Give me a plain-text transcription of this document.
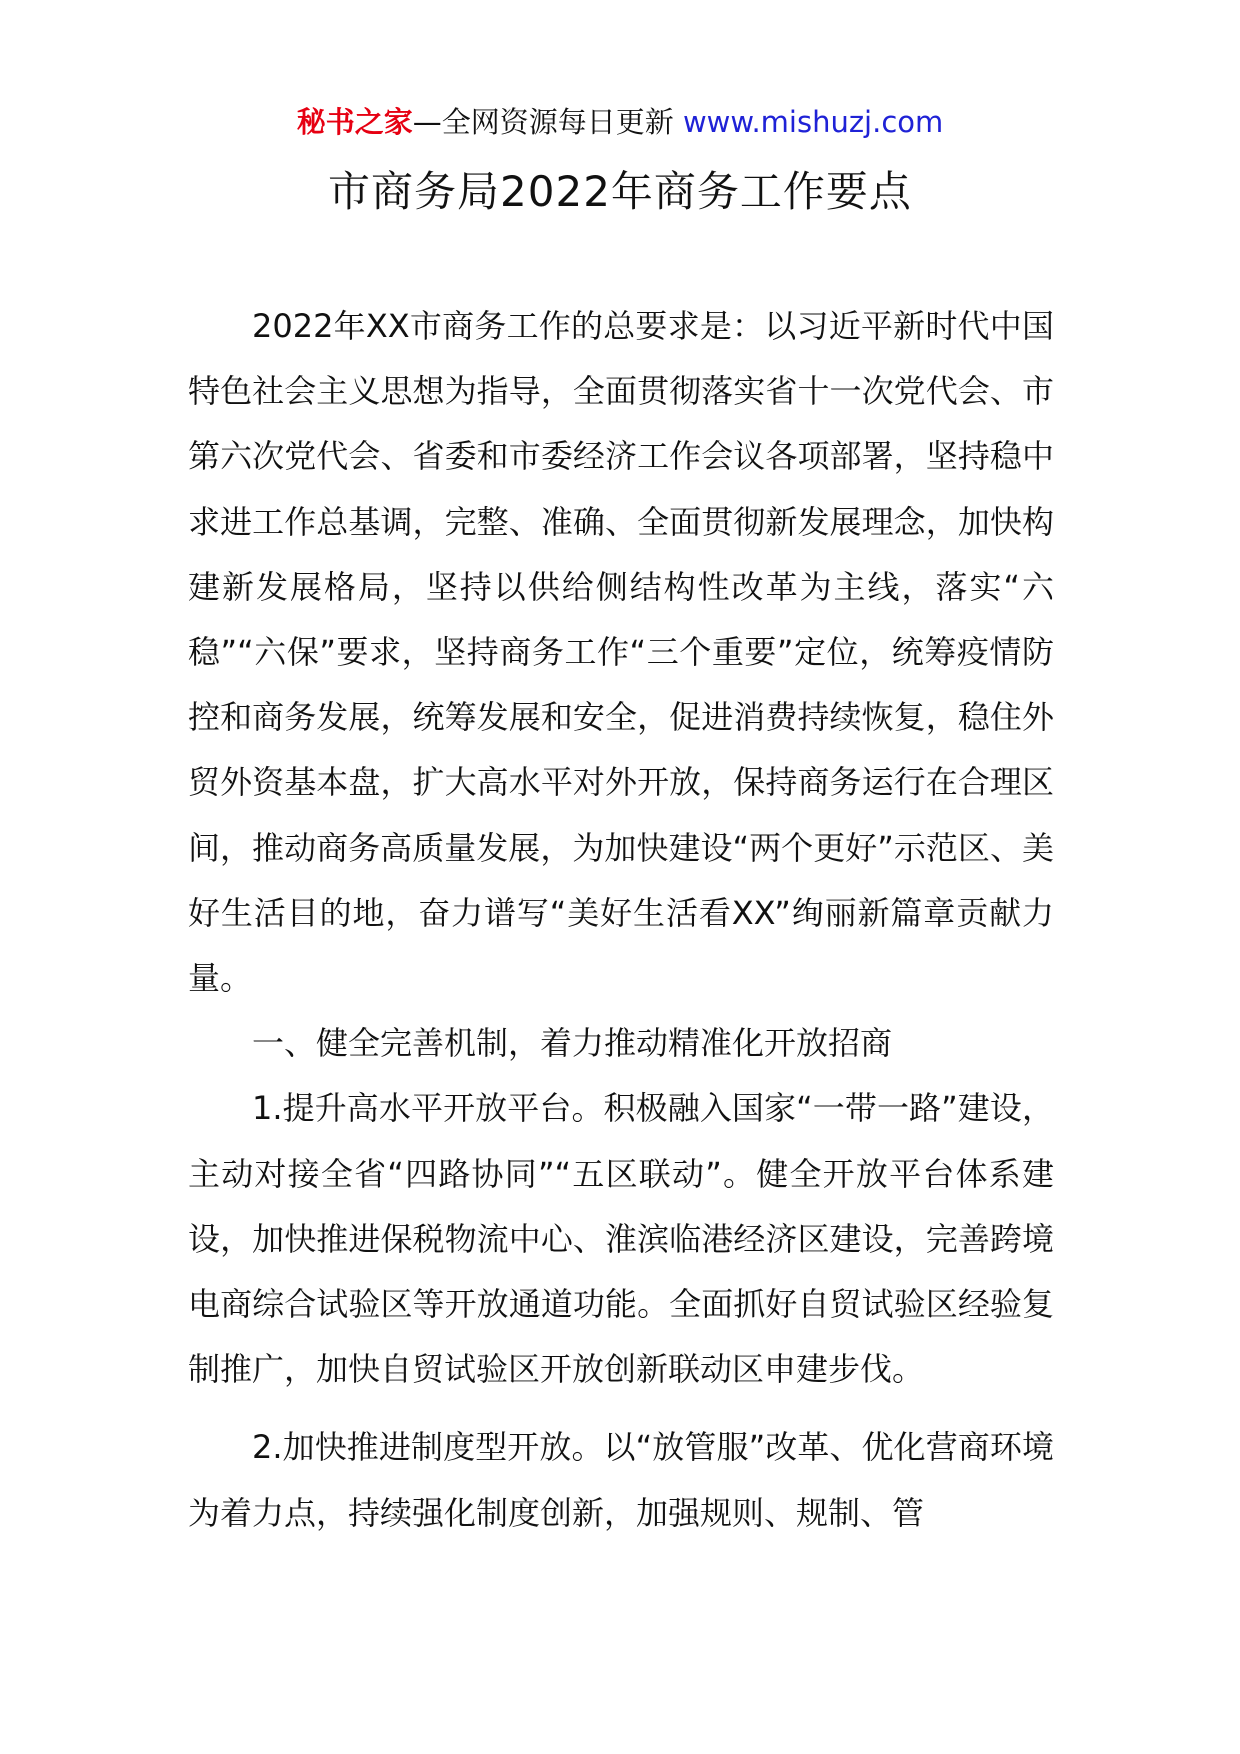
秘书之家—全网资源每日更新 www.mishuzj.com
市商务局2022年商务工作要点

2022年XX市商务工作的总要求是：以习近平新时代中国特色社会主义思想为指导，全面贯彻落实省十一次党代会、市第六次党代会、省委和市委经济工作会议各项部署，坚持稳中求进工作总基调，完整、准确、全面贯彻新发展理念，加快构建新发展格局，坚持以供给侧结构性改革为主线，落实“六稳”“六保”要求，坚持商务工作“三个重要”定位，统筹疫情防控和商务发展，统筹发展和安全，促进消费持续恢复，稳住外贸外资基本盘，扩大高水平对外开放，保持商务运行在合理区间，推动商务高质量发展，为加快建设“两个更好”示范区、美好生活目的地，奋力谱写“美好生活看XX”绚丽新篇章贡献力量。

一、健全完善机制，着力推动精准化开放招商

1.提升高水平开放平台。积极融入国家“一带一路”建设，主动对接全省“四路协同”“五区联动”。健全开放平台体系建设，加快推进保税物流中心、淮滨临港经济区建设，完善跨境电商综合试验区等开放通道功能。全面抓好自贸试验区经验复制推广，加快自贸试验区开放创新联动区申建步伐。

2.加快推进制度型开放。以“放管服”改革、优化营商环境为着力点，持续强化制度创新，加强规则、规制、管
